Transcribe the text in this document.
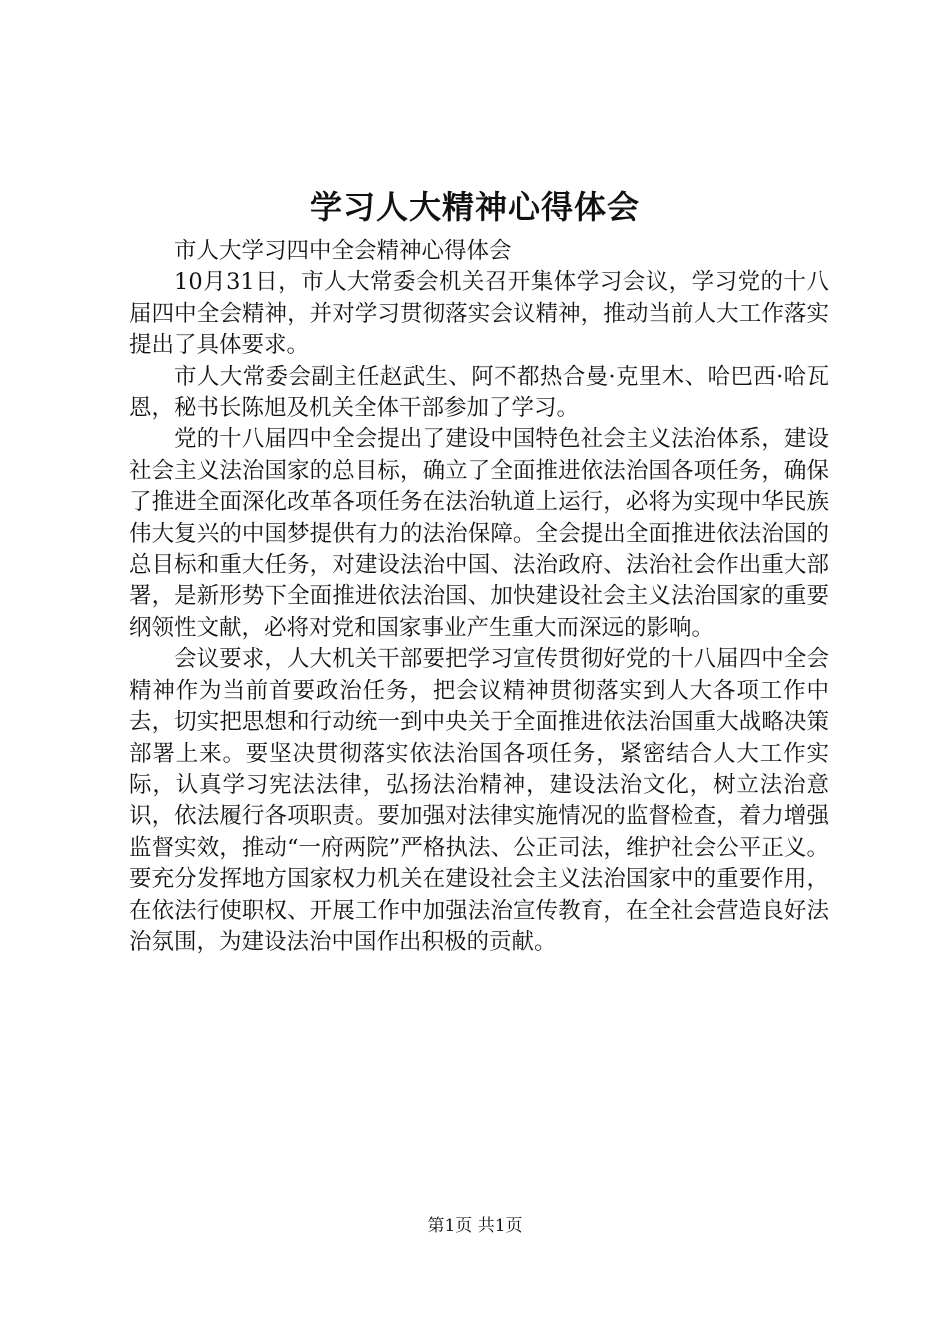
学习人大精神心得体会

市人大学习四中全会精神心得体会

10月31日，市人大常委会机关召开集体学习会议，学习党的十八届四中全会精神，并对学习贯彻落实会议精神，推动当前人大工作落实提出了具体要求。

市人大常委会副主任赵武生、阿不都热合曼·克里木、哈巴西·哈瓦恩，秘书长陈旭及机关全体干部参加了学习。

党的十八届四中全会提出了建设中国特色社会主义法治体系，建设社会主义法治国家的总目标，确立了全面推进依法治国各项任务，确保了推进全面深化改革各项任务在法治轨道上运行，必将为实现中华民族伟大复兴的中国梦提供有力的法治保障。全会提出全面推进依法治国的总目标和重大任务，对建设法治中国、法治政府、法治社会作出重大部署，是新形势下全面推进依法治国、加快建设社会主义法治国家的重要纲领性文献，必将对党和国家事业产生重大而深远的影响。

会议要求，人大机关干部要把学习宣传贯彻好党的十八届四中全会精神作为当前首要政治任务，把会议精神贯彻落实到人大各项工作中去，切实把思想和行动统一到中央关于全面推进依法治国重大战略决策部署上来。要坚决贯彻落实依法治国各项任务，紧密结合人大工作实际，认真学习宪法法律，弘扬法治精神，建设法治文化，树立法治意识，依法履行各项职责。要加强对法律实施情况的监督检查，着力增强监督实效，推动“一府两院”严格执法、公正司法，维护社会公平正义。要充分发挥地方国家权力机关在建设社会主义法治国家中的重要作用，在依法行使职权、开展工作中加强法治宣传教育，在全社会营造良好法治氛围，为建设法治中国作出积极的贡献。

第1页 共1页
